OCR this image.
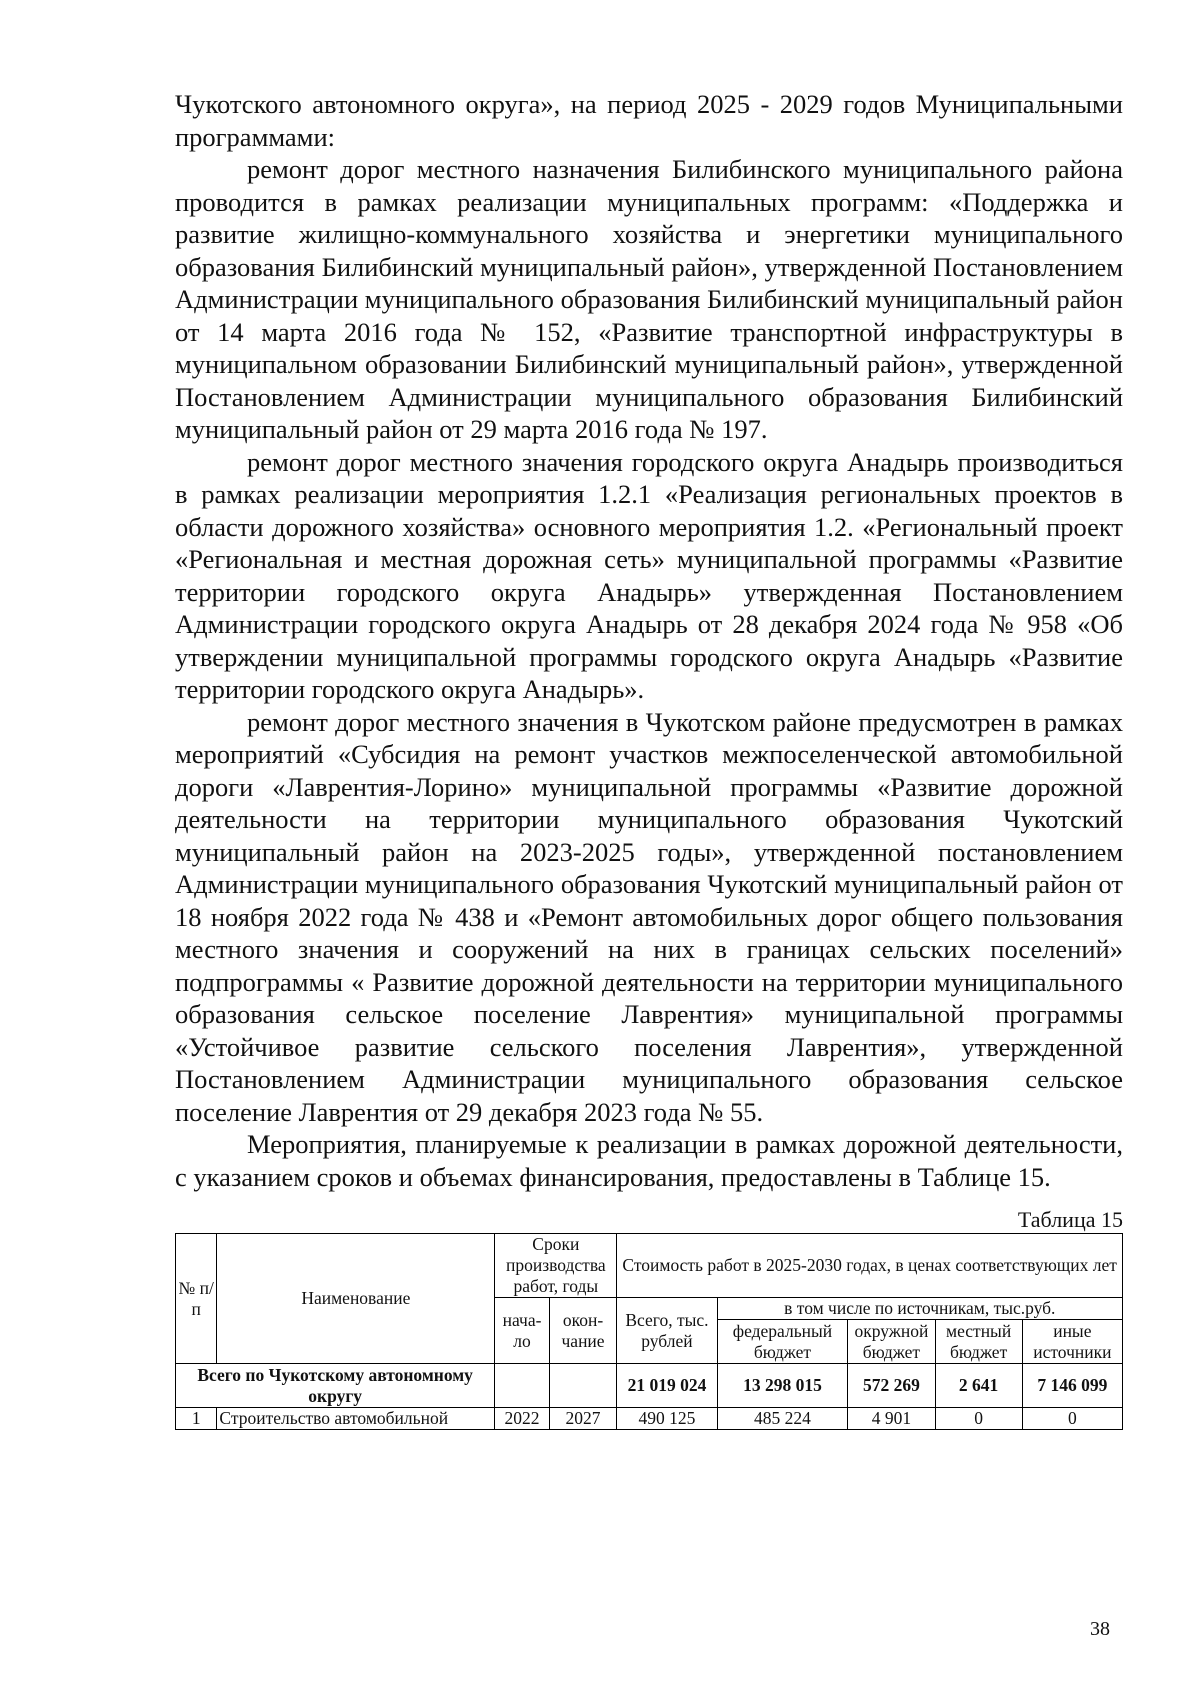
Чукотского автономного округа», на период 2025 - 2029 годов Муниципальными программами:

ремонт дорог местного назначения Билибинского муниципального района проводится в рамках реализации муниципальных программ: «Поддержка и развитие жилищно-коммунального хозяйства и энергетики муниципального образования Билибинский муниципальный район», утвержденной Постановлением Администрации муниципального образования Билибинский муниципальный район от 14 марта 2016 года № 152, «Развитие транспортной инфраструктуры в муниципальном образовании Билибинский муниципальный район», утвержденной Постановлением Администрации муниципального образования Билибинский муниципальный район от 29 марта 2016 года № 197.

ремонт дорог местного значения городского округа Анадырь производиться в рамках реализации мероприятия 1.2.1 «Реализация региональных проектов в области дорожного хозяйства» основного мероприятия 1.2. «Региональный проект «Региональная и местная дорожная сеть» муниципальной программы «Развитие территории городского округа Анадырь» утвержденная Постановлением Администрации городского округа Анадырь от 28 декабря 2024 года № 958 «Об утверждении муниципальной программы городского округа Анадырь «Развитие территории городского округа Анадырь».

ремонт дорог местного значения в Чукотском районе предусмотрен в рамках мероприятий «Субсидия на ремонт участков межпоселенческой автомобильной дороги «Лаврентия-Лорино» муниципальной программы «Развитие дорожной деятельности на территории муниципального образования Чукотский муниципальный район на 2023-2025 годы», утвержденной постановлением Администрации муниципального образования Чукотский муниципальный район от 18 ноября 2022 года № 438 и «Ремонт автомобильных дорог общего пользования местного значения и сооружений на них в границах сельских поселений» подпрограммы « Развитие дорожной деятельности на территории муниципального образования сельское поселение Лаврентия» муниципальной программы «Устойчивое развитие сельского поселения Лаврентия», утвержденной Постановлением Администрации муниципального образования сельское поселение Лаврентия от 29 декабря 2023 года № 55.

Мероприятия, планируемые к реализации в рамках дорожной деятельности, с указанием сроков и объемах финансирования, предоставлены в Таблице 15.

Таблица 15
№ п/п	Наименование	Сроки производства работ, годы		Стоимость работ в 2025-2030 годах, в ценах соответствующих лет				
		нача-ло	окон-чание	Всего, тыс. рублей	в том числе по источникам, тыс.руб.			
					федеральный бюджет	окружной бюджет	местный бюджет	иные источники
Всего по Чукотскому автономному округу				21 019 024	13 298 015	572 269	2 641	7 146 099
1	Строительство автомобильной	2022	2027	490 125	485 224	4 901	0	0
38
